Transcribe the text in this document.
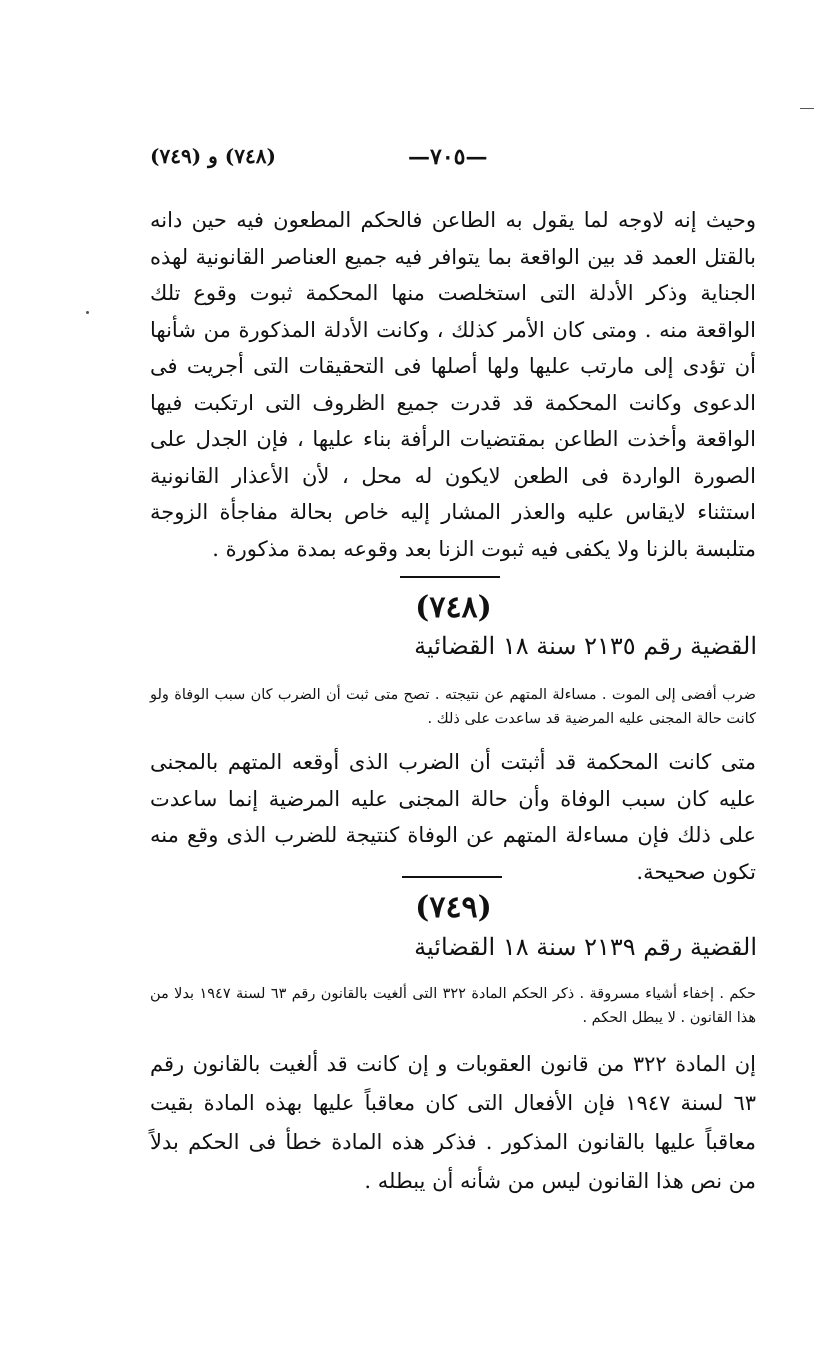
(٧٤٨) و (٧٤٩)	—٧٠٥—

وحيث إنه لاوجه لما يقول به الطاعن فالحكم المطعون فيه حين دانه بالقتل العمد قد بين الواقعة بما يتوافر فيه جميع العناصر القانونية لهذه الجناية وذكر الأدلة التى استخلصت منها المحكمة ثبوت وقوع تلك الواقعة منه . ومتى كان الأمر كذلك ، وكانت الأدلة المذكورة من شأنها أن تؤدى إلى مارتب عليها ولها أصلها فى التحقيقات التى أجريت فى الدعوى وكانت المحكمة قد قدرت جميع الظروف التى ارتكبت فيها الواقعة وأخذت الطاعن بمقتضيات الرأفة بناء عليها ، فإن الجدل على الصورة الواردة فى الطعن لايكون له محل ، لأن الأعذار القانونية استثناء لايقاس عليه والعذر المشار إليه خاص بحالة مفاجأة الزوجة متلبسة بالزنا ولا يكفى فيه ثبوت الزنا بعد وقوعه بمدة مذكورة .

(٧٤٨)
القضية رقم ٢١٣٥ سنة ١٨ القضائية

ضرب أفضى إلى الموت . مساءلة المتهم عن نتيجته . تصح متى ثبت أن الضرب كان سبب الوفاة ولو كانت حالة المجنى عليه المرضية قد ساعدت على ذلك .

متى كانت المحكمة قد أثبتت أن الضرب الذى أوقعه المتهم بالمجنى عليه كان سبب الوفاة وأن حالة المجنى عليه المرضية إنما ساعدت على ذلك فإن مساءلة المتهم عن الوفاة كنتيجة للضرب الذى وقع منه تكون صحيحة.

(٧٤٩)
القضية رقم ٢١٣٩ سنة ١٨ القضائية

حكم . إخفاء أشياء مسروقة . ذكر الحكم المادة ٣٢٢ التى ألغيت بالقانون رقم ٦٣ لسنة ١٩٤٧ بدلا من هذا القانون . لا يبطل الحكم .

إن المادة ٣٢٢ من قانون العقوبات و إن كانت قد ألغيت بالقانون رقم ٦٣ لسنة ١٩٤٧ فإن الأفعال التى كان معاقباً عليها بهذه المادة بقيت معاقباً عليها بالقانون المذكور . فذكر هذه المادة خطأ فى الحكم بدلاً من نص هذا القانون ليس من شأنه أن يبطله .
